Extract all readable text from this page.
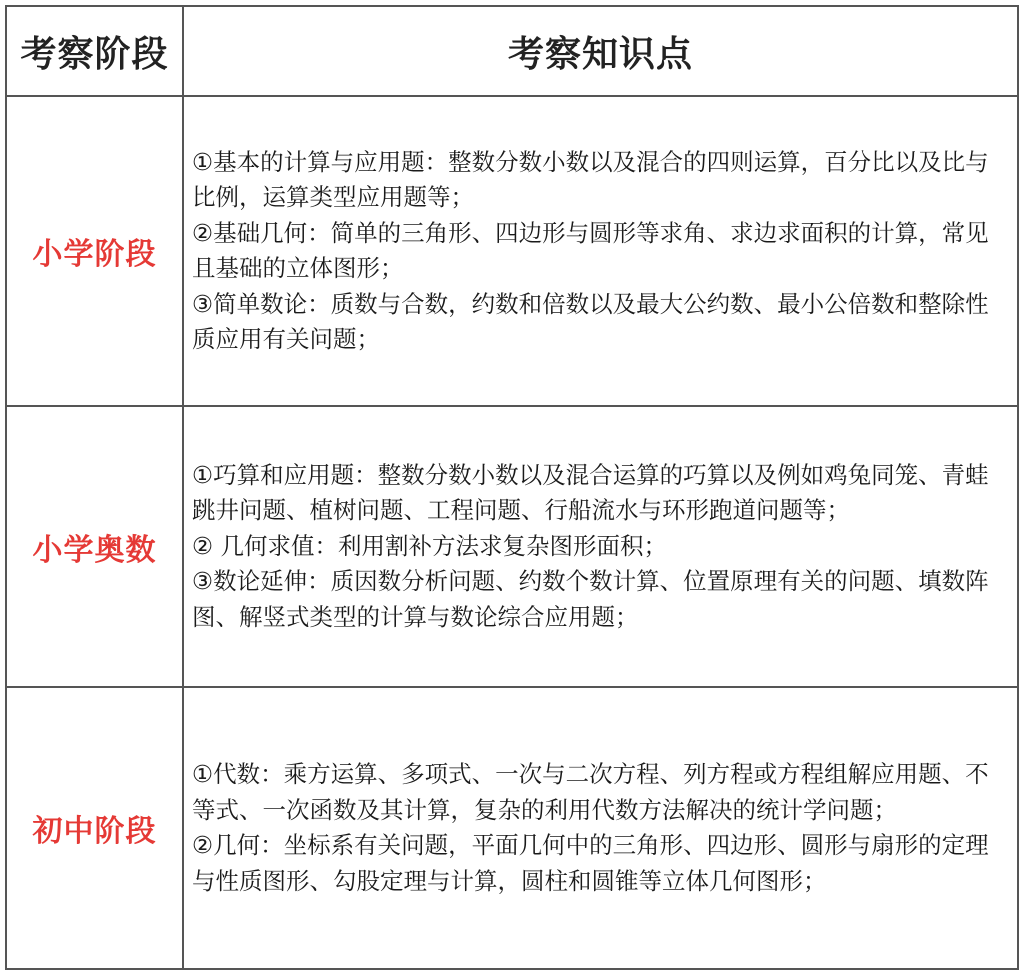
考察阶段	考察知识点
小学阶段	①基本的计算与应用题：整数分数小数以及混合的四则运算，百分比以及比与比例，运算类型应用题等；

②基础几何：简单的三角形、四边形与圆形等求角、求边求面积的计算，常见且基础的立体图形；

③简单数论：质数与合数，约数和倍数以及最大公约数、最小公倍数和整除性质应用有关问题；

小学奥数	①巧算和应用题：整数分数小数以及混合运算的巧算以及例如鸡兔同笼、青蛙跳井问题、植树问题、工程问题、行船流水与环形跑道问题等；

② 几何求值：利用割补方法求复杂图形面积；

③数论延伸：质因数分析问题、约数个数计算、位置原理有关的问题、填数阵图、解竖式类型的计算与数论综合应用题；

初中阶段	①代数：乘方运算、多项式、一次与二次方程、列方程或方程组解应用题、不等式、一次函数及其计算，复杂的利用代数方法解决的统计学问题；

②几何：坐标系有关问题，平面几何中的三角形、四边形、圆形与扇形的定理与性质图形、勾股定理与计算，圆柱和圆锥等立体几何图形；
